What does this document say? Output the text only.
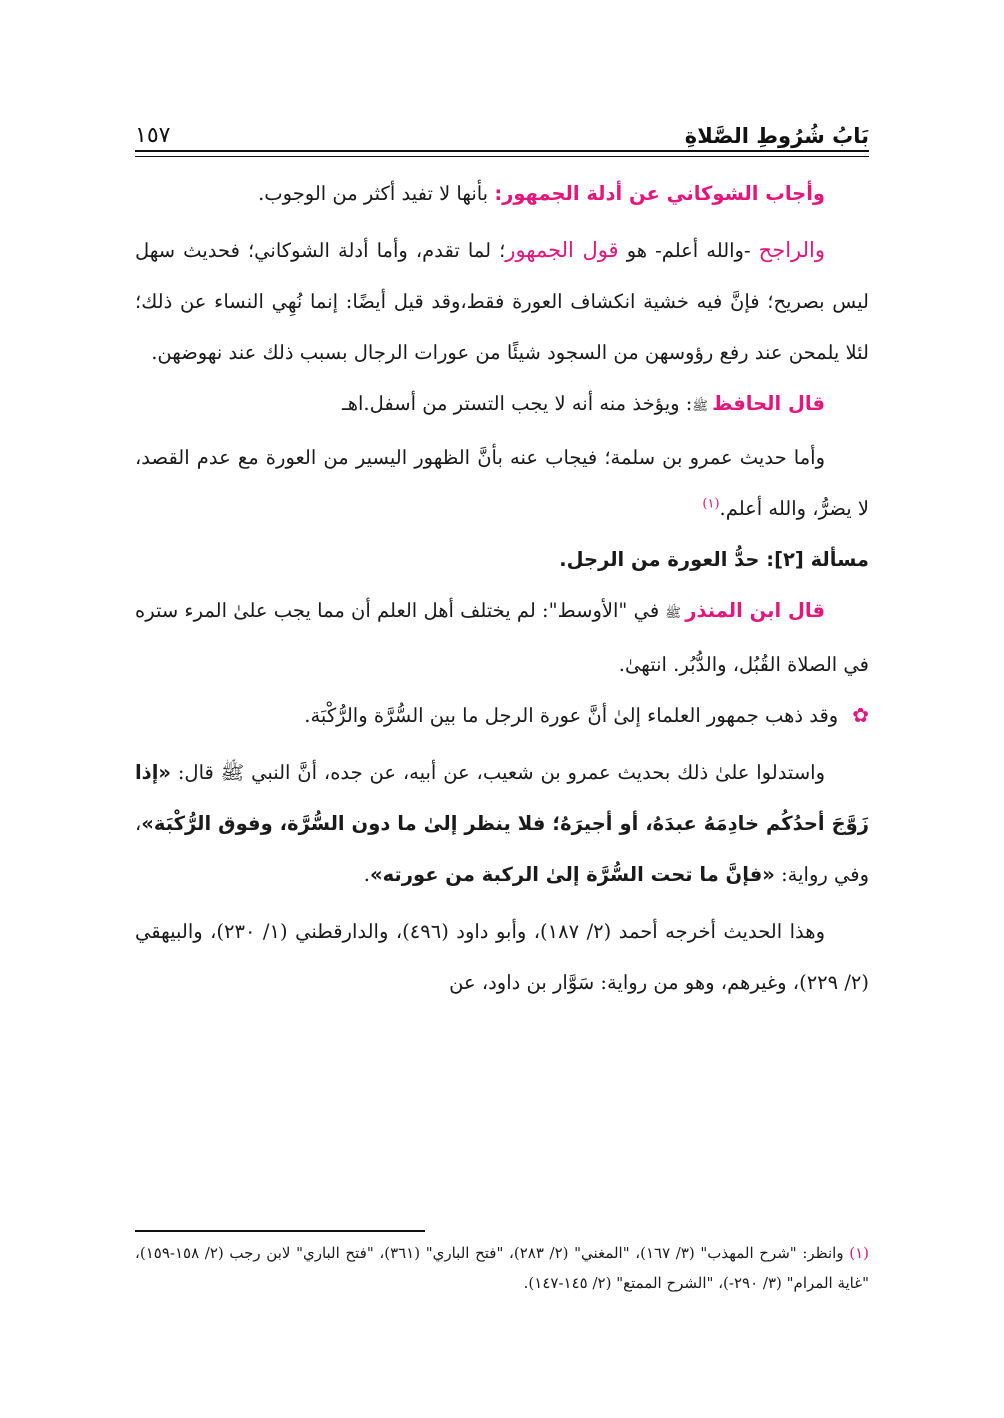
بَابُ شُرُوطِ الصَّلاةِ
١٥٧

وأجاب الشوكاني عن أدلة الجمهور: بأنها لا تفيد أكثر من الوجوب.

والراجح -والله أعلم- هو قول الجمهور؛ لما تقدم، وأما أدلة الشوكاني؛ فحديث سهل ليس بصريح؛ فإنَّ فيه خشية انكشاف العورة فقط،وقد قيل أيضًا: إنما نُهِي النساء عن ذلك؛ لئلا يلمحن عند رفع رؤوسهن من السجود شيئًا من عورات الرجال بسبب ذلك عند نهوضهن.

قال الحافظ ﷺ: ويؤخذ منه أنه لا يجب التستر من أسفل.اهـ

وأما حديث عمرو بن سلمة؛ فيجاب عنه بأنَّ الظهور اليسير من العورة مع عدم القصد، لا يضرُّ، والله أعلم.$^{(١)}$

مسألة [٢]: حدُّ العورة من الرجل.

قال ابن المنذر ﷺ في "الأوسط": لم يختلف أهل العلم أن مما يجب علىٰ المرء ستره في الصلاة القُبُل، والدُّبُر. انتهىٰ.

✿وقد ذهب جمهور العلماء إلىٰ أنَّ عورة الرجل ما بين السُّرَّة والرُّكْبَة.

واستدلوا علىٰ ذلك بحديث عمرو بن شعيب، عن أبيه، عن جده، أنَّ النبي ﷺ قال: «إذا زَوَّجَ أحدُكُم خادِمَهُ عبدَهُ، أو أجيرَهُ؛ فلا ينظر إلىٰ ما دون السُّرَّة، وفوق الرُّكْبَة»، وفي رواية: «فإنَّ ما تحت السُّرَّة إلىٰ الركبة من عورته».

وهذا الحديث أخرجه أحمد (٢/ ١٨٧)، وأبو داود (٤٩٦)، والدارقطني (١/ ٢٣٠)، والبيهقي (٢/ ٢٢٩)، وغيرهم، وهو من رواية: سَوَّار بن داود، عن

(١) وانظر: "شرح المهذب" (٣/ ١٦٧)، "المغني" (٢/ ٢٨٣)، "فتح الباري" (٣٦١)، "فتح الباري" لابن رجب (٢/ ١٥٨-١٥٩)، "غاية المرام" (٣/ ٢٩٠-)، "الشرح الممتع" (٢/ ١٤٥-١٤٧).
